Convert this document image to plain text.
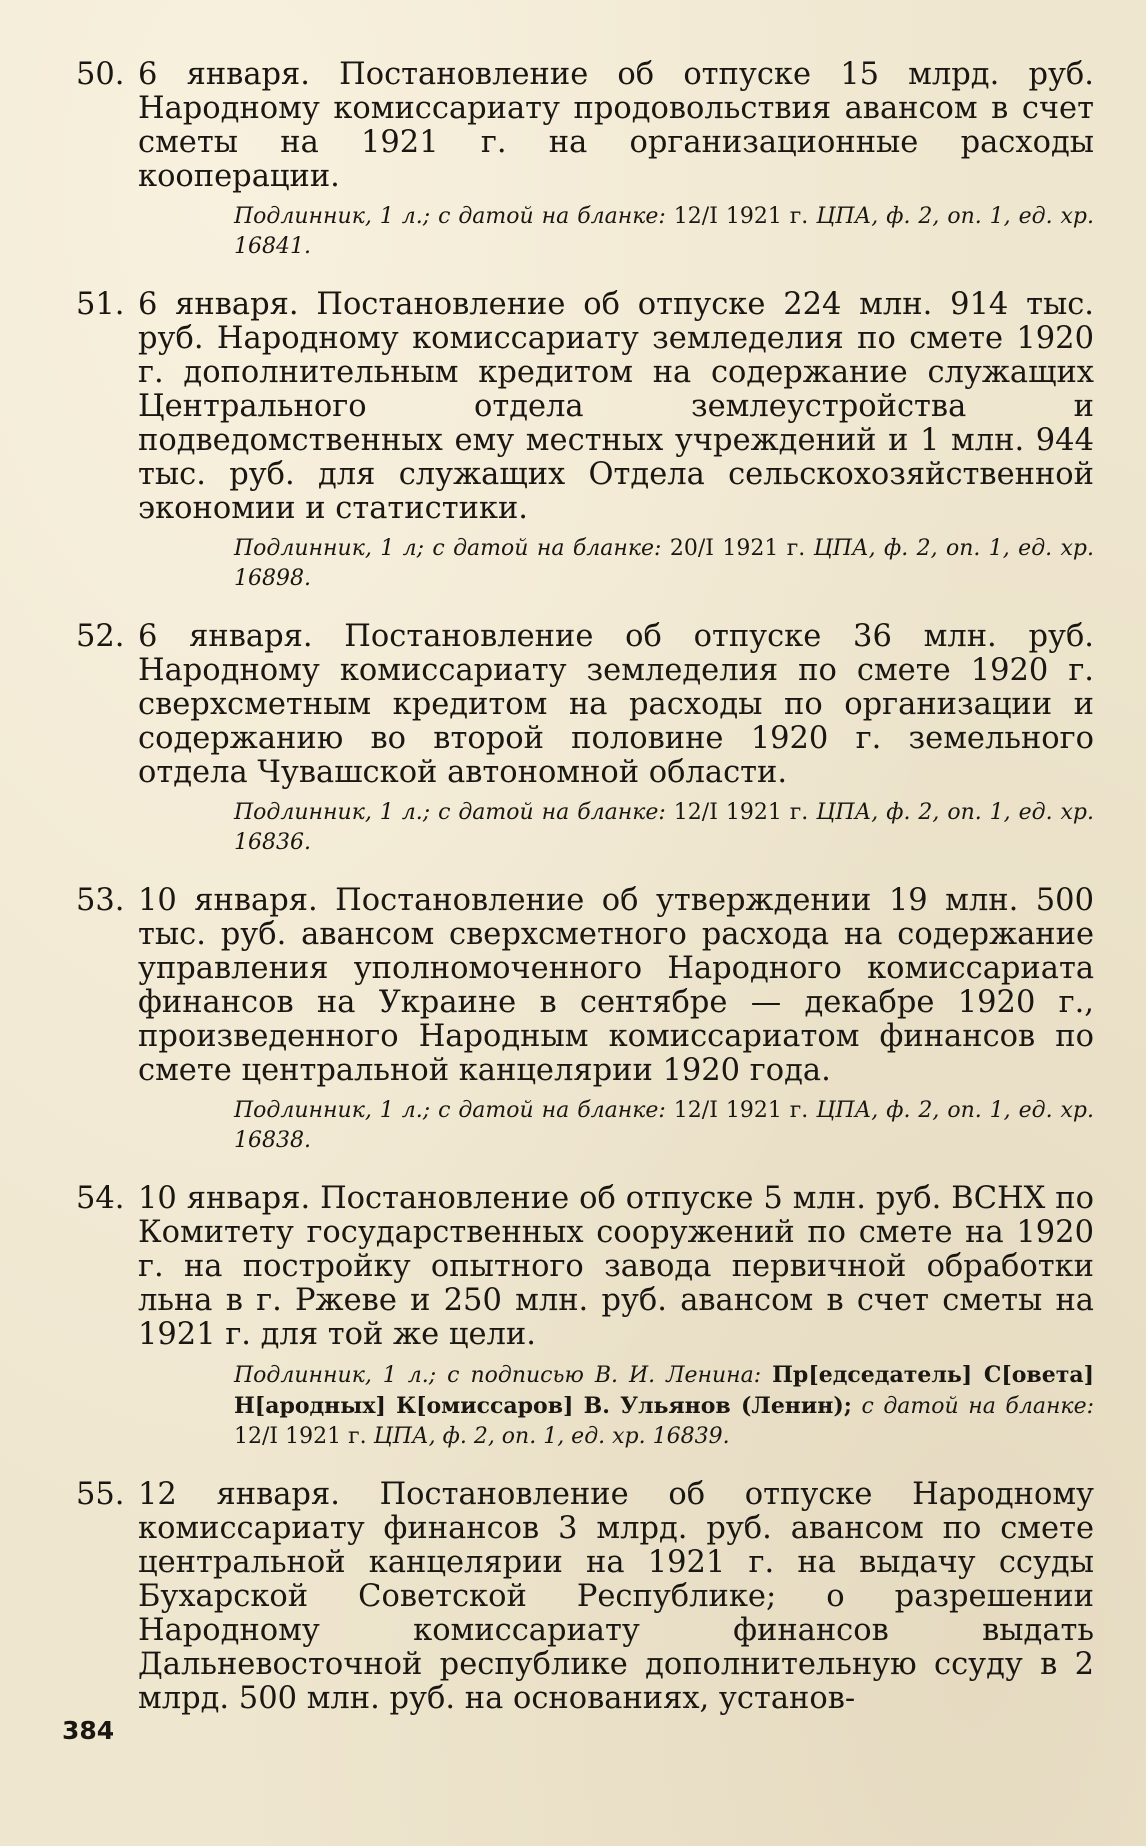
50. 6 января. Постановление об отпуске 15 млрд. руб. Народному комиссариату продовольствия авансом в счет сметы на 1921 г. на организационные расходы кооперации.

Подлинник, 1 л.; с датой на бланке: 12/I 1921 г. ЦПА, ф. 2, оп. 1, ед. хр. 16841.

51. 6 января. Постановление об отпуске 224 млн. 914 тыс. руб. Народному комиссариату земледелия по смете 1920 г. дополнительным кредитом на содержание служащих Центрального отдела землеустройства и подведомственных ему местных учреждений и 1 млн. 944 тыс. руб. для служащих Отдела сельскохозяйственной экономии и статистики.

Подлинник, 1 л; с датой на бланке: 20/I 1921 г. ЦПА, ф. 2, оп. 1, ед. хр. 16898.

52. 6 января. Постановление об отпуске 36 млн. руб. Народному комиссариату земледелия по смете 1920 г. сверхсметным кредитом на расходы по организации и содержанию во второй половине 1920 г. земельного отдела Чувашской автономной области.

Подлинник, 1 л.; с датой на бланке: 12/I 1921 г. ЦПА, ф. 2, оп. 1, ед. хр. 16836.

53. 10 января. Постановление об утверждении 19 млн. 500 тыс. руб. авансом сверхсметного расхода на содержание управления уполномоченного Народного комиссариата финансов на Украине в сентябре — декабре 1920 г., произведенного Народным комиссариатом финансов по смете центральной канцелярии 1920 года.

Подлинник, 1 л.; с датой на бланке: 12/I 1921 г. ЦПА, ф. 2, оп. 1, ед. хр. 16838.

54. 10 января. Постановление об отпуске 5 млн. руб. ВСНХ по Комитету государственных сооружений по смете на 1920 г. на постройку опытного завода первичной обработки льна в г. Ржеве и 250 млн. руб. авансом в счет сметы на 1921 г. для той же цели.

Подлинник, 1 л.; с подписью В. И. Ленина: Пр[едседатель] С[овета] Н[ародных] К[омиссаров] В. Ульянов (Ленин); с датой на бланке: 12/I 1921 г. ЦПА, ф. 2, оп. 1, ед. хр. 16839.

55. 12 января. Постановление об отпуске Народному комиссариату финансов 3 млрд. руб. авансом по смете центральной канцелярии на 1921 г. на выдачу ссуды Бухарской Советской Республике; о разрешении Народному комиссариату финансов выдать Дальневосточной республике дополнительную ссуду в 2 млрд. 500 млн. руб. на основаниях, установ-

384
